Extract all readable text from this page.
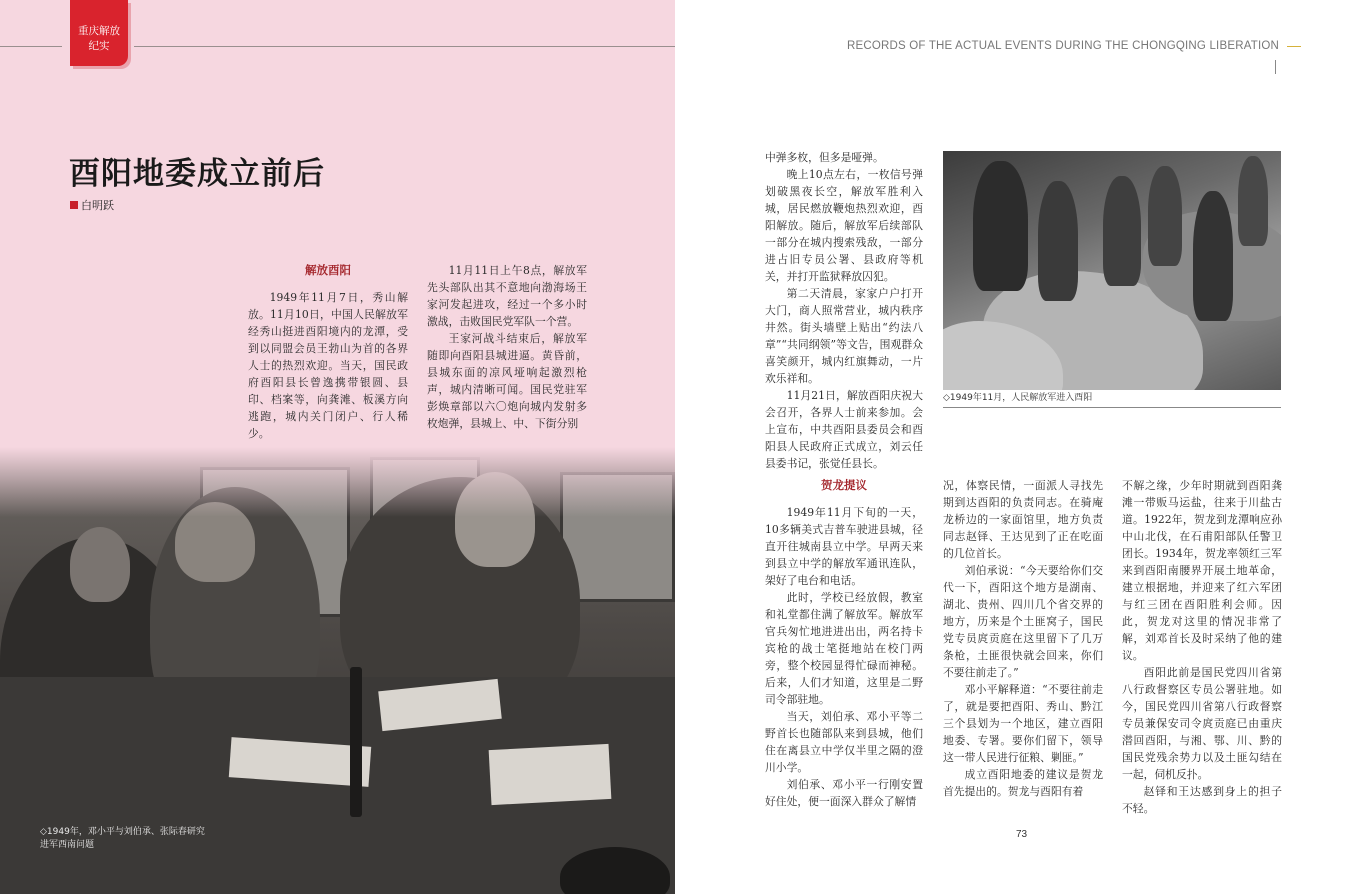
◇1949年，邓小平与刘伯承、张际春研究进军西南问题
酉阳地委成立前后
白明跃

解放酉阳

1949年11月7日，秀山解放。11月10日，中国人民解放军经秀山挺进酉阳境内的龙潭，受到以同盟会员王勃山为首的各界人士的热烈欢迎。当天，国民政府酉阳县长曾逸携带银圆、县印、档案等，向龚滩、板溪方向逃跑，城内关门闭户、行人稀少。

11月11日上午8点，解放军先头部队出其不意地向渤海场王家河发起进攻，经过一个多小时激战，击败国民党军队一个营。

王家河战斗结束后，解放军随即向酉阳县城进逼。黄昏前，县城东面的凉风垭响起激烈枪声，城内清晰可闻。国民党驻军彭焕章部以六〇炮向城内发射多枚炮弹，县城上、中、下街分别

重庆解放
纪实	RECORDS OF THE ACTUAL EVENTS DURING THE CHONGQING LIBERATION

中弹多枚，但多是哑弹。

晚上10点左右，一枚信号弹划破黑夜长空，解放军胜利入城，居民燃放鞭炮热烈欢迎，酉阳解放。随后，解放军后续部队一部分在城内搜索残敌，一部分进占旧专员公署、县政府等机关，并打开监狱释放囚犯。

第二天清晨，家家户户打开大门，商人照常营业，城内秩序井然。街头墙壁上贴出“约法八章”“共同纲领”等文告，围观群众喜笑颜开，城内红旗舞动，一片欢乐祥和。

11月21日，解放酉阳庆祝大会召开，各界人士前来参加。会上宣布，中共酉阳县委员会和酉阳县人民政府正式成立，刘云任县委书记，张觉任县长。

◇1949年11月，人民解放军进入酉阳

贺龙提议

1949年11月下旬的一天，10多辆美式吉普车驶进县城，径直开往城南县立中学。早两天来到县立中学的解放军通讯连队，架好了电台和电话。

此时，学校已经放假，教室和礼堂都住满了解放军。解放军官兵匆忙地进进出出，两名持卡宾枪的战士笔挺地站在校门两旁，整个校园显得忙碌而神秘。后来，人们才知道，这里是二野司令部驻地。

当天，刘伯承、邓小平等二野首长也随部队来到县城，他们住在离县立中学仅半里之隔的澄川小学。

刘伯承、邓小平一行刚安置好住处，便一面深入群众了解情

况，体察民情，一面派人寻找先期到达酉阳的负责同志。在骑庵龙桥边的一家面馆里，地方负责同志赵铎、王达见到了正在吃面的几位首长。

刘伯承说：“今天要给你们交代一下，酉阳这个地方是湖南、湖北、贵州、四川几个省交界的地方，历来是个土匪窝子，国民党专员庹贡庭在这里留下了几万条枪，土匪很快就会回来，你们不要往前走了。”

邓小平解释道：“不要往前走了，就是要把酉阳、秀山、黔江三个县划为一个地区，建立酉阳地委、专署。要你们留下，领导这一带人民进行征粮、剿匪。”

成立酉阳地委的建议是贺龙首先提出的。贺龙与酉阳有着

不解之缘，少年时期就到酉阳龚滩一带贩马运盐，往来于川盐古道。1922年，贺龙到龙潭响应孙中山北伐，在石甫阳部队任警卫团长。1934年，贺龙率领红三军来到酉阳南腰界开展土地革命，建立根据地，并迎来了红六军团与红三团在酉阳胜利会师。因此，贺龙对这里的情况非常了解，刘邓首长及时采纳了他的建议。

酉阳此前是国民党四川省第八行政督察区专员公署驻地。如今，国民党四川省第八行政督察专员兼保安司令庹贡庭已由重庆潜回酉阳，与湘、鄂、川、黔的国民党残余势力以及土匪勾结在一起，伺机反扑。

赵铎和王达感到身上的担子不轻。

73
